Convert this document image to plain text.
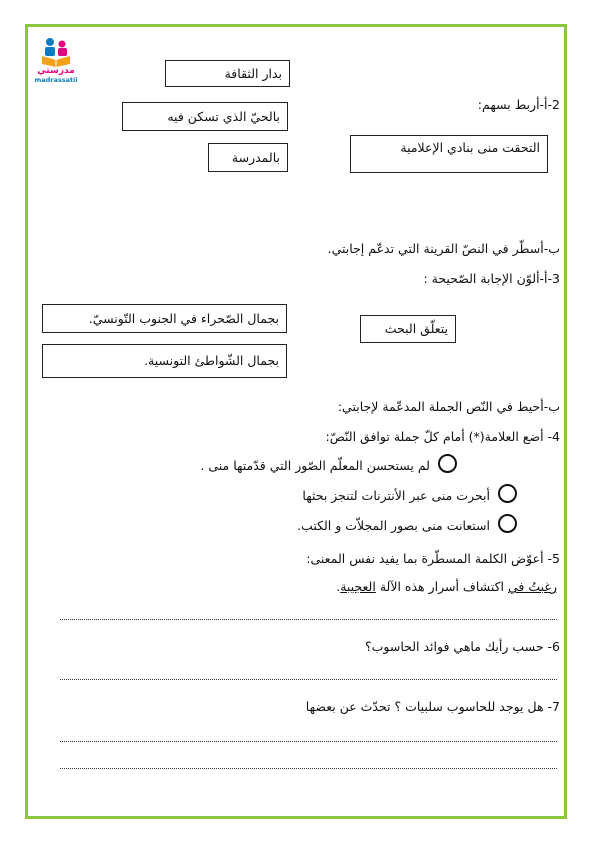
مدرستي
madrassatii	بدار الثقافة
2-أ-أربط بسهم:
بالحيّ الذي تسكن فيه
التحقت منى بنادي الإعلامية
بالمدرسة
ب-أسطّر في النصّ القرينة التي تدعّم إجابتي.
3-أ-ألوّن الإجابة الصّحيحة :
بجمال الصّحراء في الجنوب التّونسيّ.
يتعلّق البحث
بجمال الشّواطئ التونسية.
ب-أحيط في النّص الجملة المدعّمة لإجابتي:
4- أضع العلامة(*) أمام كلّ جملة توافق النّصّ:
لم يستحسن المعلّم الصّور التي قدّمتها منى .
أبحرت منى عبر الأنترنات لتنجز بحثها
استعانت منى بصور المجلاّت و الكتب.
5- أعوّض الكلمة المسطّرة بما يفيد نفس المعنى:
رغبتُ في اكتشاف أسرار هذه الآلة العجيبة.
6- حسب رأيك ماهي فوائد الحاسوب؟
7- هل يوجد للحاسوب سلبيات ؟ تحدّث عن بعضها
